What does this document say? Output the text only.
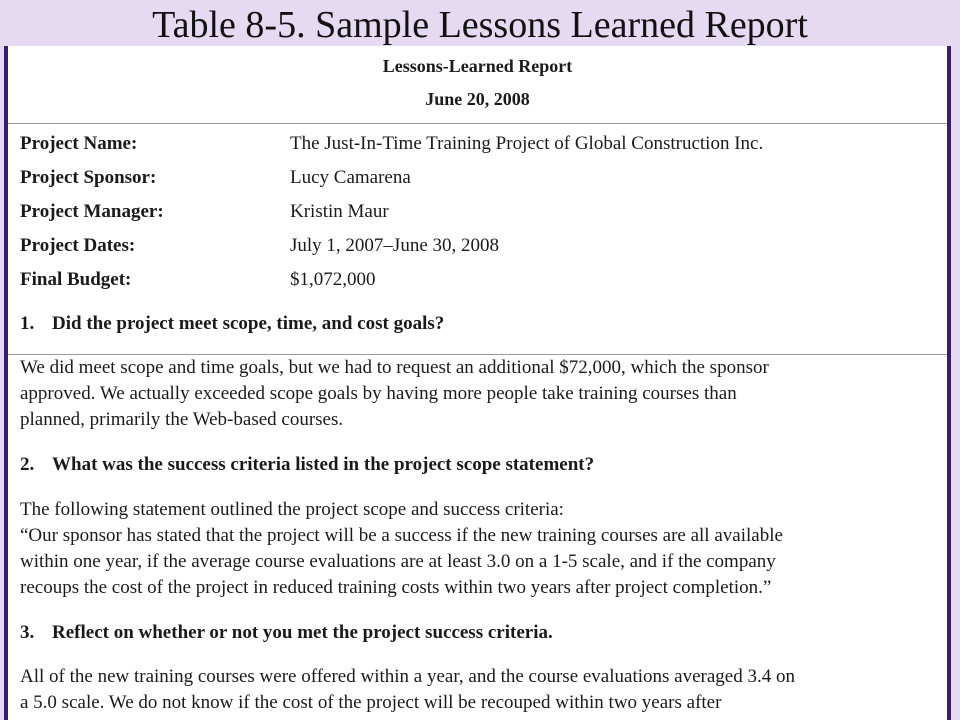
Table 8-5. Sample Lessons Learned Report
Lessons-Learned Report
June 20, 2008
Project Name:	The Just-In-Time Training Project of Global Construction Inc.
Project Sponsor:	Lucy Camarena
Project Manager:	Kristin Maur
Project Dates:	July 1, 2007–June 30, 2008
Final Budget:	$1,072,000
1. Did the project meet scope, time, and cost goals?
We did meet scope and time goals, but we had to request an additional $72,000, which the sponsor
approved. We actually exceeded scope goals by having more people take training courses than
planned, primarily the Web-based courses.
2. What was the success criteria listed in the project scope statement?
The following statement outlined the project scope and success criteria:
“Our sponsor has stated that the project will be a success if the new training courses are all available
within one year, if the average course evaluations are at least 3.0 on a 1-5 scale, and if the company
recoups the cost of the project in reduced training costs within two years after project completion.”
3. Reflect on whether or not you met the project success criteria.
All of the new training courses were offered within a year, and the course evaluations averaged 3.4 on
a 5.0 scale. We do not know if the cost of the project will be recouped within two years after
